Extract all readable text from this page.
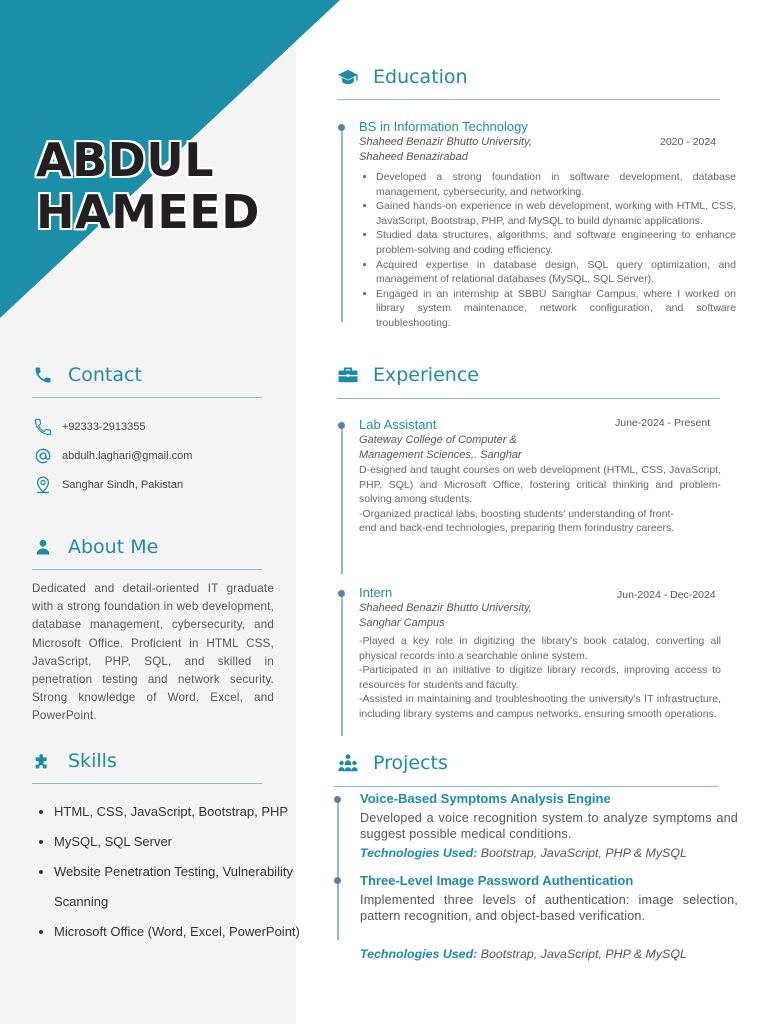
ABDUL
HAMEED
Contact
+92333-2913355
abdulh.laghari@gmail.com
Sanghar Sindh, Pakistan
About Me
Dedicated and detail-oriented IT graduate with a strong foundation in web development, database management, cybersecurity, and Microsoft Office. Proficient in HTML CSS, JavaScript, PHP, SQL, and skilled in penetration testing and network security. Strong knowledge of Word, Excel, and PowerPoint.
Skills
• HTML, CSS, JavaScript, Bootstrap, PHP
• MySQL, SQL Server
• Website Penetration Testing, Vulnerability Scanning
• Microsoft Office (Word, Excel, PowerPoint)
Education
BS in Information Technology
Shaheed Benazir Bhutto University,
Shaheed Benazirabad
2020 - 2024
• Developed a strong foundation in software development, database management, cybersecurity, and networking.
• Gained hands-on experience in web development, working with HTML, CSS, JavaScript, Bootstrap, PHP, and MySQL to build dynamic applications.
• Studied data structures, algorithms, and software engineering to enhance problem-solving and coding efficiency.
• Acquired expertise in database design, SQL query optimization, and management of relational databases (MySQL, SQL Server).
• Engaged in an internship at SBBU Sanghar Campus, where I worked on library system maintenance, network configuration, and software troubleshooting.
Experience
Lab Assistant
Gateway College of Computer &
Management Sciences,. Sanghar
June-2024 - Present
D-esigned and taught courses on web development (HTML, CSS, JavaScript, PHP, SQL) and Microsoft Office, fostering critical thinking and problem-solving among students.
-Organized practical labs, boosting students' understanding of front-
end and back-end technologies, preparing them forindustry careers.
Intern
Shaheed Benazir Bhutto University,
Sanghar Campus
Jun-2024 - Dec-2024
-Played a key role in digitizing the library's book catalog, converting all physical records into a searchable online system.
-Participated in an initiative to digitize library records, improving access to resources for students and faculty.
-Assisted in maintaining and troubleshooting the university's IT infrastructure, including library systems and campus networks, ensuring smooth operations.
Projects
Voice-Based Symptoms Analysis Engine
Developed a voice recognition system to analyze symptoms and suggest possible medical conditions.
Technologies Used: Bootstrap, JavaScript, PHP & MySQL
Three-Level Image Password Authentication
Implemented three levels of authentication: image selection, pattern recognition, and object-based verification.
Technologies Used: Bootstrap, JavaScript, PHP & MySQL
